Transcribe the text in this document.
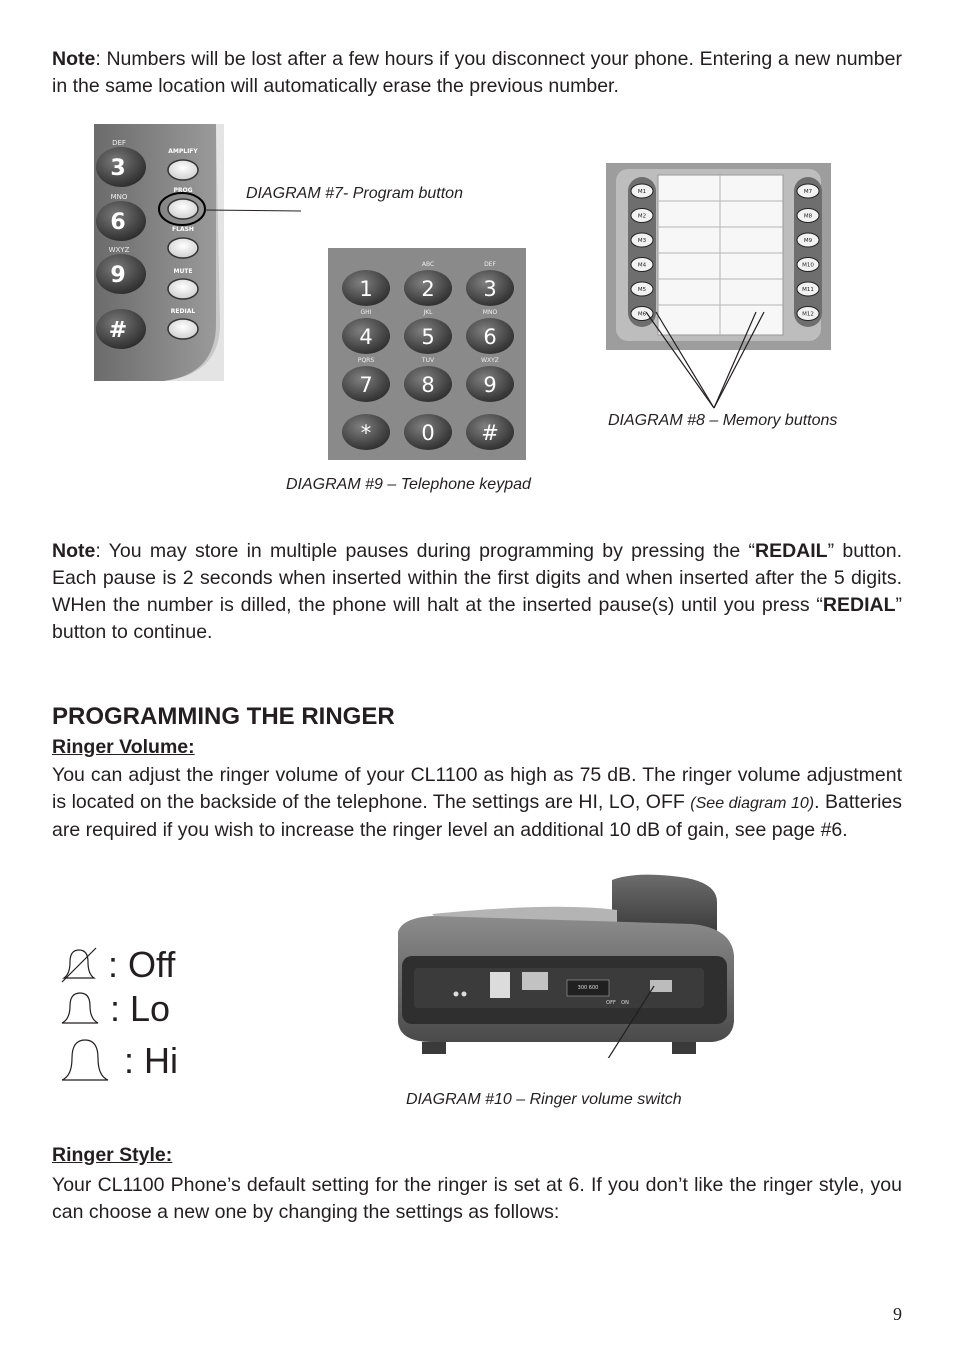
Note: Numbers will be lost after a few hours if you disconnect your phone. Entering a new number in the same location will automatically erase the previous number.

3
6
9
#
DEF
MNO
WXYZ
AMPLIFY
PROG
FLASH
MUTE
REDIAL
DIAGRAM #7- Program button
1 2
ABC
3
DEF
4
GHI
5
JKL
6
MNO
7
PQRS
8
TUV
9
WXYZ
* 0 #
DIAGRAM #9 – Telephone keypad
M1
M2
M3
M4
M5
M6
M7
M8
M9
M10
M11
M12
DIAGRAM #8 – Memory buttons

Note: You may store in multiple pauses during programming by pressing the “REDAIL” button. Each pause is 2 seconds when inserted within the first digits and when inserted after the 5 digits. WHen the number is dilled, the phone will halt at the inserted pause(s) until you press “REDIAL” button to continue.

PROGRAMMING THE RINGER
Ringer Volume:

You can adjust the ringer volume of your CL1100 as high as 75 dB. The ringer volume adjustment is located on the backside of the telephone. The settings are HI, LO, OFF (See diagram 10). Batteries are required if you wish to increase the ringer level an additional 10 dB of gain, see page #6.

: Off
: Lo
: Hi
300 600
OFF ON
DIAGRAM #10 – Ringer volume switch
Ringer Style:

Your CL1100 Phone’s default setting for the ringer is set at 6. If you don’t like the ringer style, you can choose a new one by changing the settings as follows:

9
